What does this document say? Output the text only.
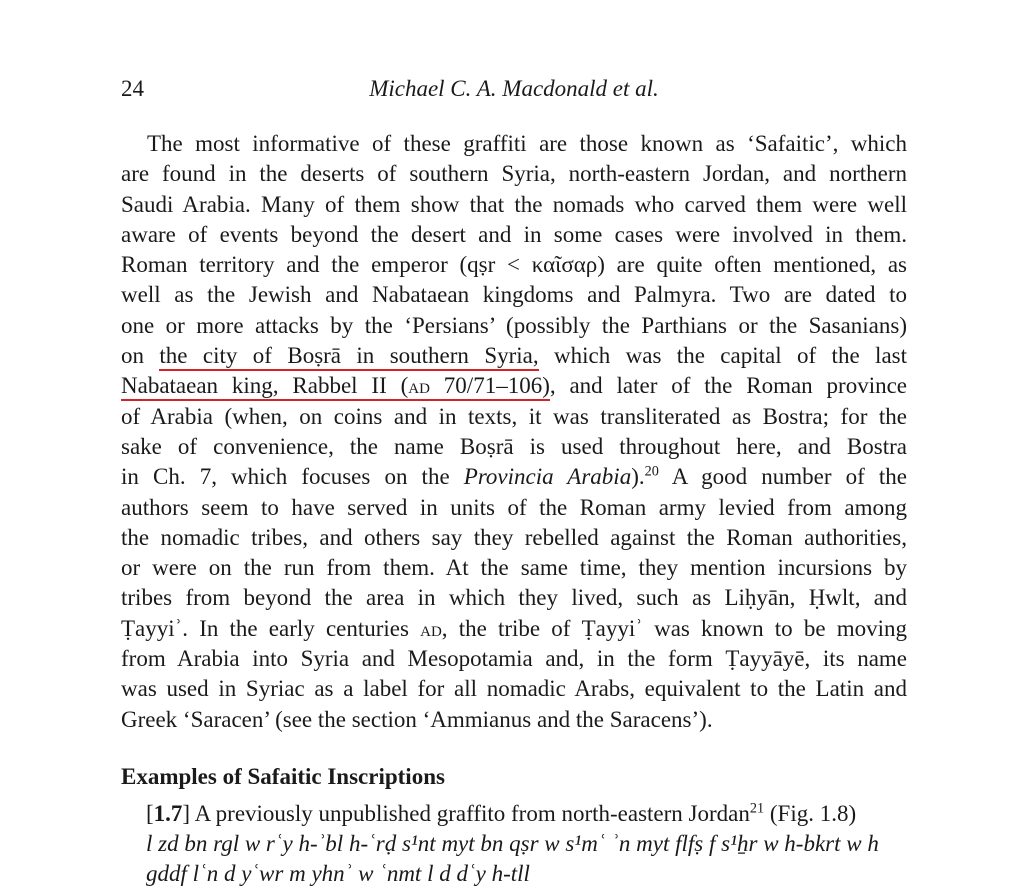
24	Michael C. A. Macdonald et al.
The most informative of these graffiti are those known as ‘Safaitic’, which
are found in the deserts of southern Syria, north-eastern Jordan, and northern
Saudi Arabia. Many of them show that the nomads who carved them were well
aware of events beyond the desert and in some cases were involved in them.
Roman territory and the emperor (qṣr < καῖσαρ) are quite often mentioned, as
well as the Jewish and Nabataean kingdoms and Palmyra. Two are dated to
one or more attacks by the ‘Persians’ (possibly the Parthians or the Sasanians)
on the city of Boṣrā in southern Syria, which was the capital of the last
Nabataean king, Rabbel II (ad 70/71–106), and later of the Roman province
of Arabia (when, on coins and in texts, it was transliterated as Bostra; for the
sake of convenience, the name Boṣrā is used throughout here, and Bostra
in Ch. 7, which focuses on the Provincia Arabia).$^{20}$ A good number of the
authors seem to have served in units of the Roman army levied from among
the nomadic tribes, and others say they rebelled against the Roman authorities,
or were on the run from them. At the same time, they mention incursions by
tribes from beyond the area in which they lived, such as Liḥyān, Ḥwlt, and
Ṭayyiʾ. In the early centuries ad, the tribe of Ṭayyiʾ was known to be moving
from Arabia into Syria and Mesopotamia and, in the form Ṭayyāyē, its name
was used in Syriac as a label for all nomadic Arabs, equivalent to the Latin and
Greek ‘Saracen’ (see the section ‘Ammianus and the Saracens’).
Examples of Safaitic Inscriptions
[1.7] A previously unpublished graffito from north-eastern Jordan$^{21}$ (Fig. 1.8)
l zd bn rgl w rʿy h-ʾbl h-ʿrḍ s¹nt myt bn qṣr w s¹mʿ ʾn myt flfṣ f s¹ẖr w h-bkrt w h
gddf lʿn d yʿwr m yhnʾ w ʿnmt l d dʿy h-tll
